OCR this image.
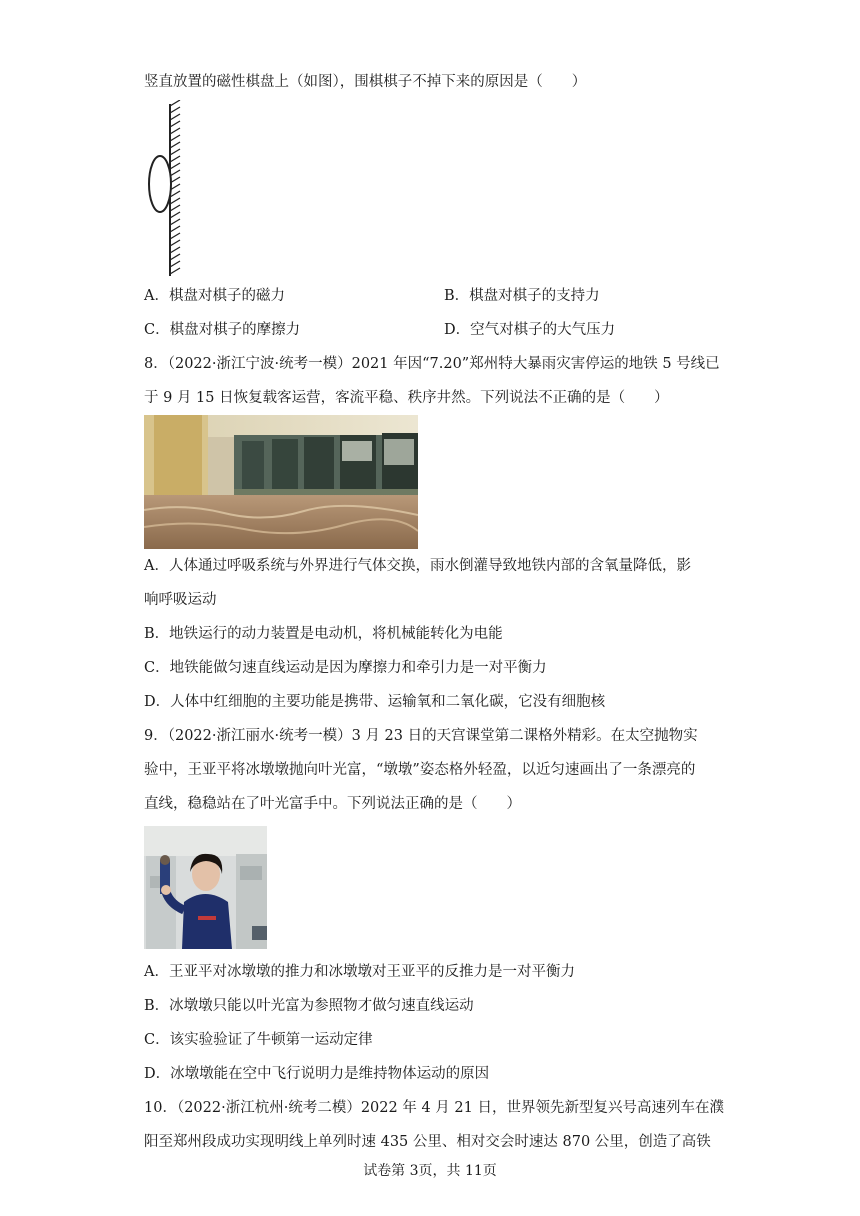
竖直放置的磁性棋盘上（如图），围棋棋子不掉下来的原因是（　　）
A．棋盘对棋子的磁力	B．棋盘对棋子的支持力
C．棋盘对棋子的摩擦力	D．空气对棋子的大气压力
8．（2022·浙江宁波·统考一模）2021 年因“7.20”郑州特大暴雨灾害停运的地铁 5 号线已
于 9 月 15 日恢复载客运营，客流平稳、秩序井然。下列说法不正确的是（　　）
A．人体通过呼吸系统与外界进行气体交换，雨水倒灌导致地铁内部的含氧量降低，影
响呼吸运动
B．地铁运行的动力装置是电动机，将机械能转化为电能
C．地铁能做匀速直线运动是因为摩擦力和牵引力是一对平衡力
D．人体中红细胞的主要功能是携带、运输氧和二氧化碳，它没有细胞核
9．（2022·浙江丽水·统考一模）3 月 23 日的天宫课堂第二课格外精彩。在太空抛物实
验中，王亚平将冰墩墩抛向叶光富，“墩墩”姿态格外轻盈，以近匀速画出了一条漂亮的
直线，稳稳站在了叶光富手中。下列说法正确的是（　　）
A．王亚平对冰墩墩的推力和冰墩墩对王亚平的反推力是一对平衡力
B．冰墩墩只能以叶光富为参照物才做匀速直线运动
C．该实验验证了牛顿第一运动定律
D．冰墩墩能在空中飞行说明力是维持物体运动的原因
10．（2022·浙江杭州·统考二模）2022 年 4 月 21 日，世界领先新型复兴号高速列车在濮
阳至郑州段成功实现明线上单列时速 435 公里、相对交会时速达 870 公里，创造了高铁
试卷第 3页，共 11页
